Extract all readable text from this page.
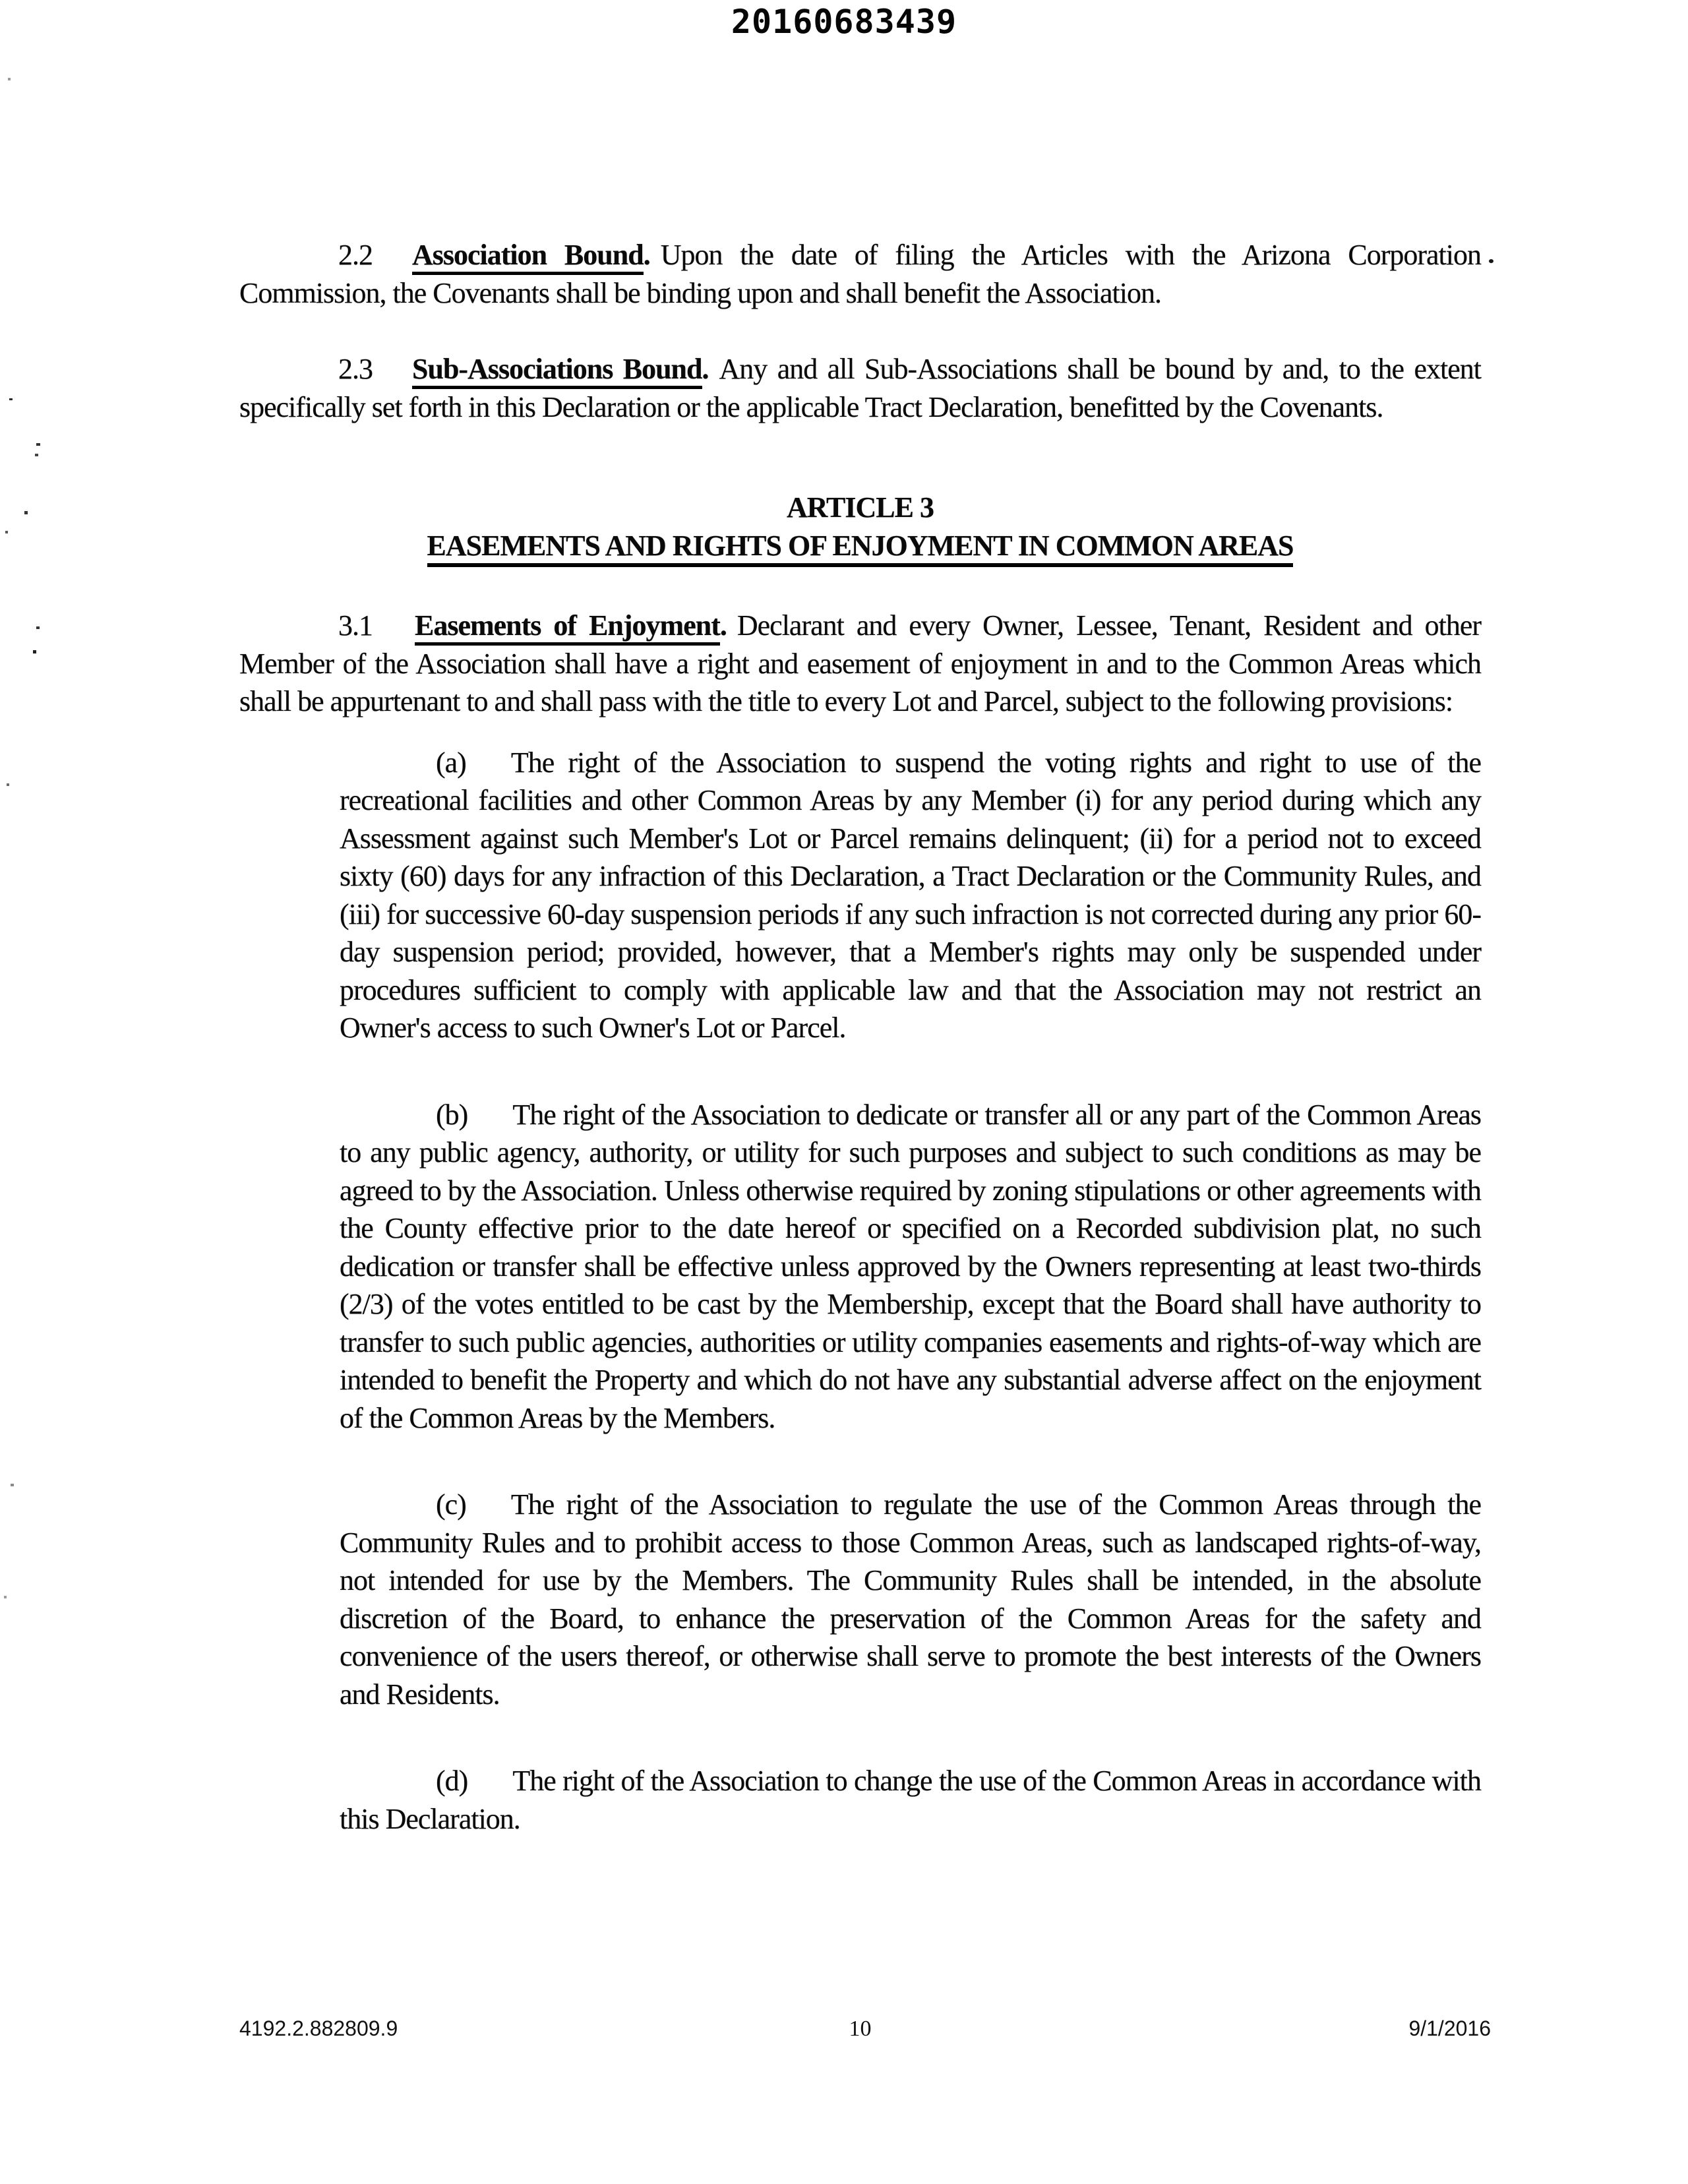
20160683439

2.2 Association Bound. Upon the date of filing the Articles with the Arizona Corporation Commission, the Covenants shall be binding upon and shall benefit the Association.

2.3 Sub-Associations Bound. Any and all Sub-Associations shall be bound by and, to the extent specifically set forth in this Declaration or the applicable Tract Declaration, benefitted by the Covenants.

ARTICLE 3

EASEMENTS AND RIGHTS OF ENJOYMENT IN COMMON AREAS

3.1 Easements of Enjoyment. Declarant and every Owner, Lessee, Tenant, Resident and other Member of the Association shall have a right and easement of enjoyment in and to the Common Areas which shall be appurtenant to and shall pass with the title to every Lot and Parcel, subject to the following provisions:

(a) The right of the Association to suspend the voting rights and right to use of the recreational facilities and other Common Areas by any Member (i) for any period during which any Assessment against such Member's Lot or Parcel remains delinquent; (ii) for a period not to exceed sixty (60) days for any infraction of this Declaration, a Tract Declaration or the Community Rules, and (iii) for successive 60-day suspension periods if any such infraction is not corrected during any prior 60-day suspension period; provided, however, that a Member's rights may only be suspended under procedures sufficient to comply with applicable law and that the Association may not restrict an Owner's access to such Owner's Lot or Parcel.

(b) The right of the Association to dedicate or transfer all or any part of the Common Areas to any public agency, authority, or utility for such purposes and subject to such conditions as may be agreed to by the Association. Unless otherwise required by zoning stipulations or other agreements with the County effective prior to the date hereof or specified on a Recorded subdivision plat, no such dedication or transfer shall be effective unless approved by the Owners representing at least two-thirds (2/3) of the votes entitled to be cast by the Membership, except that the Board shall have authority to transfer to such public agencies, authorities or utility companies easements and rights-of-way which are intended to benefit the Property and which do not have any substantial adverse affect on the enjoyment of the Common Areas by the Members.

(c) The right of the Association to regulate the use of the Common Areas through the Community Rules and to prohibit access to those Common Areas, such as landscaped rights-of-way, not intended for use by the Members. The Community Rules shall be intended, in the absolute discretion of the Board, to enhance the preservation of the Common Areas for the safety and convenience of the users thereof, or otherwise shall serve to promote the best interests of the Owners and Residents.

(d) The right of the Association to change the use of the Common Areas in accordance with this Declaration.

4192.2.882809.9	10	9/1/2016
